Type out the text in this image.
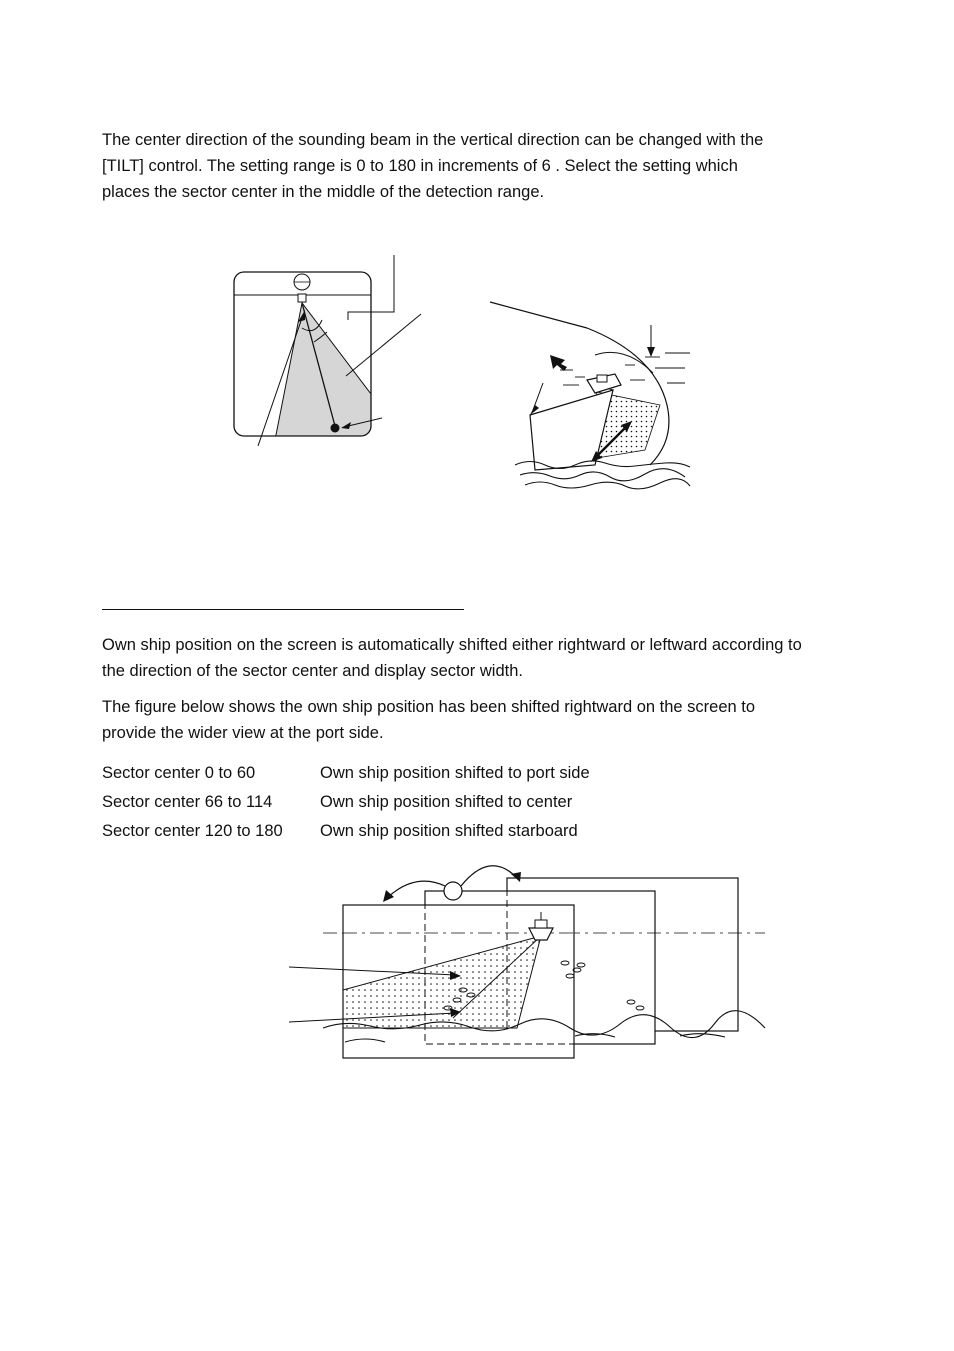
The center direction of the sounding beam in the vertical direction can be changed with the
[TILT] control. The setting range is 0 to 180 in increments of 6 . Select the setting which
places the sector center in the middle of the detection range.
Own ship position on the screen is automatically shifted either rightward or leftward according to
the direction of the sector center and display sector width.
The figure below shows the own ship position has been shifted rightward on the screen to
provide the wider view at the port side.
Sector center 0 to 60	Own ship position shifted to port side
Sector center 66 to 114	Own ship position shifted to center
Sector center 120 to 180	Own ship position shifted starboard
